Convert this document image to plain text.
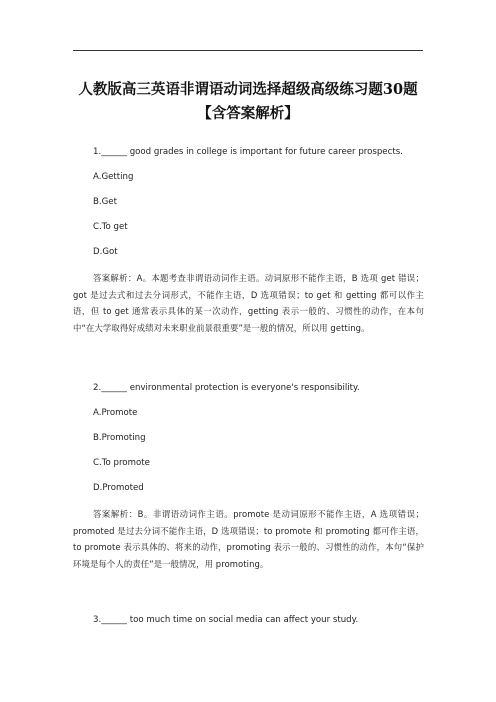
人教版高三英语非谓语动词选择超级高级练习题30题【含答案解析】
1.______ good grades in college is important for future career prospects.
A.Getting
B.Get
C.To get
D.Got
答案解析：A。本题考查非谓语动词作主语。动词原形不能作主语，B 选项 get 错误；got 是过去式和过去分词形式，不能作主语，D 选项错误；to get 和 getting 都可以作主语，但 to get 通常表示具体的某一次动作，getting 表示一般的、习惯性的动作，在本句中“在大学取得好成绩对未来职业前景很重要”是一般的情况，所以用 getting。
2.______ environmental protection is everyone's responsibility.
A.Promote
B.Promoting
C.To promote
D.Promoted
答案解析：B。非谓语动词作主语。promote 是动词原形不能作主语，A 选项错误；promoted 是过去分词不能作主语，D 选项错误；to promote 和 promoting 都可作主语，to promote 表示具体的、将来的动作，promoting 表示一般的、习惯性的动作，本句“保护环境是每个人的责任”是一般情况，用 promoting。
3.______ too much time on social media can affect your study.
